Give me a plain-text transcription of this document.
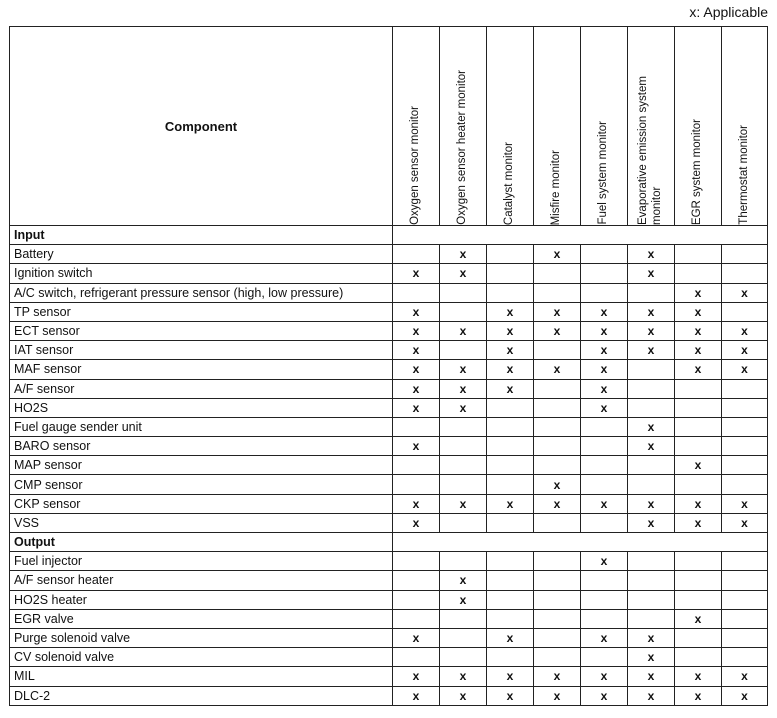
x: Applicable
Component	Oxygen sensor monitor	Oxygen sensor heater monitor	Catalyst monitor	Misfire monitor	Fuel system monitor	Evaporative emission system monitor	EGR system monitor	Thermostat monitor

Input								
Battery		x		x		x		
Ignition switch	x	x				x		
A/C switch, refrigerant pressure sensor (high, low pressure)							x	x
TP sensor	x		x	x	x	x	x	
ECT sensor	x	x	x	x	x	x	x	x
IAT sensor	x		x		x	x	x	x
MAF sensor	x	x	x	x	x		x	x
A/F sensor	x	x	x		x			
HO2S	x	x			x			
Fuel gauge sender unit						x		
BARO sensor	x					x		
MAP sensor							x	
CMP sensor				x				
CKP sensor	x	x	x	x	x	x	x	x
VSS	x					x	x	x
Output								
Fuel injector					x			
A/F sensor heater		x						
HO2S heater		x						
EGR valve							x	
Purge solenoid valve	x		x		x	x		
CV solenoid valve						x		
MIL	x	x	x	x	x	x	x	x
DLC-2	x	x	x	x	x	x	x	x
